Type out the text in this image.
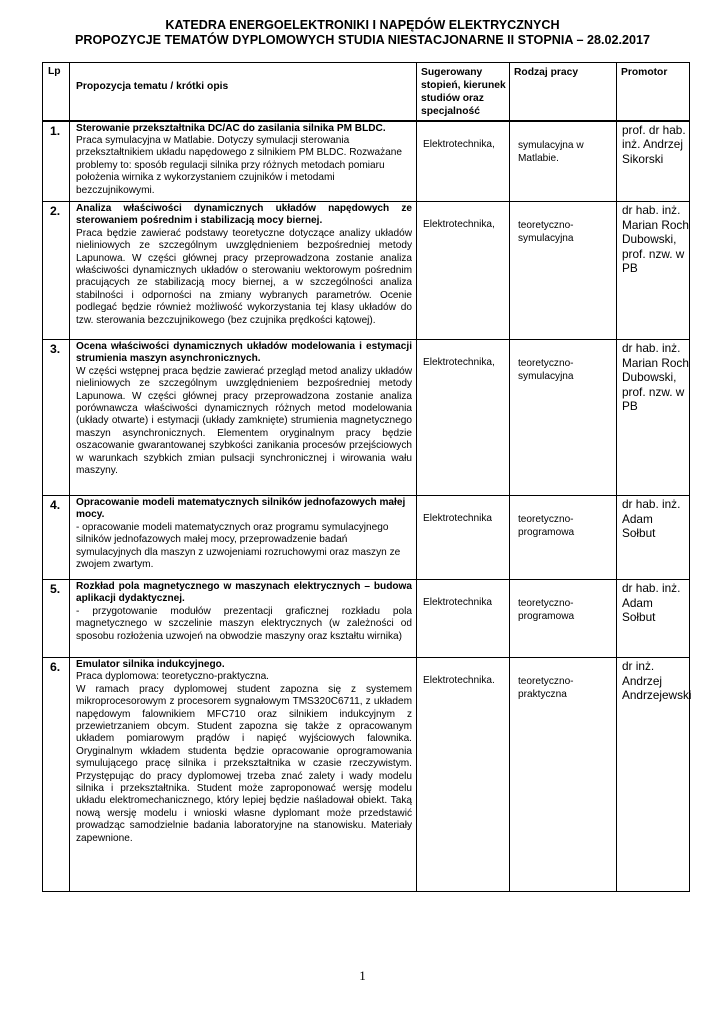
KATEDRA ENERGOELEKTRONIKI I NAPĘDÓW ELEKTRYCZNYCH
PROPOZYCJE TEMATÓW DYPLOMOWYCH STUDIA NIESTACJONARNE II STOPNIA – 28.02.2017
Lp	Propozycja tematu / krótki opis	Sugerowany stopień, kierunek studiów oraz specjalność	Rodzaj pracy	Promotor

1.	Sterowanie przekształtnika DC/AC do zasilania silnika PM BLDC.
Praca symulacyjna w Matlabie. Dotyczy symulacji sterowania przekształtnikiem układu napędowego z silnikiem PM BLDC. Rozważane problemy to: sposób regulacji silnika przy różnych metodach pomiaru położenia wirnika z wykorzystaniem czujników i metodami bezczujnikowymi.	Elektrotechnika,	symulacyjna w Matlabie.	prof. dr hab. inż. Andrzej Sikorski
2.	Analiza właściwości dynamicznych układów napędowych ze sterowaniem pośrednim i stabilizacją mocy biernej.
Praca będzie zawierać podstawy teoretyczne dotyczące analizy układów nieliniowych ze szczególnym uwzględnieniem bezpośredniej metody Lapunowa. W części głównej pracy przeprowadzona zostanie analiza właściwości dynamicznych układów o sterowaniu wektorowym pośrednim pracujących ze stabilizacją mocy biernej, a w szczególności analiza stabilności i odporności na zmiany wybranych parametrów. Ocenie podlegać będzie również możliwość wykorzystania tej klasy układów do tzw. sterowania bezczujnikowego (bez czujnika prędkości kątowej).	Elektrotechnika,	teoretyczno-symulacyjna	dr hab. inż. Marian Roch Dubowski, prof. nzw. w PB
3.	Ocena właściwości dynamicznych układów modelowania i estymacji strumienia maszyn asynchronicznych.
W części wstępnej praca będzie zawierać przegląd metod analizy układów nieliniowych ze szczególnym uwzględnieniem bezpośredniej metody Lapunowa. W części głównej pracy przeprowadzona zostanie analiza porównawcza właściwości dynamicznych różnych metod modelowania (układy otwarte) i estymacji (układy zamknięte) strumienia magnetycznego maszyn asynchronicznych. Elementem oryginalnym pracy będzie oszacowanie gwarantowanej szybkości zanikania procesów przejściowych w warunkach szybkich zmian pulsacji synchronicznej i wirowania wału maszyny.	Elektrotechnika,	teoretyczno-symulacyjna	dr hab. inż. Marian Roch Dubowski, prof. nzw. w PB
4.	Opracowanie modeli matematycznych silników jednofazowych małej mocy.
- opracowanie modeli matematycznych oraz programu symulacyjnego silników jednofazowych małej mocy, przeprowadzenie badań symulacyjnych dla maszyn z uzwojeniami rozruchowymi oraz maszyn ze zwojem zwartym.	Elektrotechnika	teoretyczno-programowa	dr hab. inż. Adam Sołbut
5.	Rozkład pola magnetycznego w maszynach elektrycznych – budowa aplikacji dydaktycznej.
- przygotowanie modułów prezentacji graficznej rozkładu pola magnetycznego w szczelinie maszyn elektrycznych (w zależności od sposobu rozłożenia uzwojeń na obwodzie maszyny oraz kształtu wirnika)	Elektrotechnika	teoretyczno-programowa	dr hab. inż. Adam Sołbut
6.	Emulator silnika indukcyjnego.
Praca dyplomowa: teoretyczno-praktyczna.
W ramach pracy dyplomowej student zapozna się z systemem mikroprocesorowym z procesorem sygnałowym TMS320C6711, z układem napędowym falownikiem MFC710 oraz silnikiem indukcyjnym z przewietrzaniem obcym. Student zapozna się także z opracowanym układem pomiarowym prądów i napięć wyjściowych falownika. Oryginalnym wkładem studenta będzie opracowanie oprogramowania symulującego pracę silnika i przekształtnika w czasie rzeczywistym. Przystępując do pracy dyplomowej trzeba znać zalety i wady modelu silnika i przekształtnika. Student może zaproponować wersję modelu układu elektromechanicznego, który lepiej będzie naśladował obiekt. Taką nową wersję modelu i wnioski własne dyplomant może przedstawić prowadząc samodzielnie badania laboratoryjne na stanowisku. Materiały zapewnione.	Elektrotechnika.	teoretyczno-praktyczna	dr inż. Andrzej Andrzejewski
1
